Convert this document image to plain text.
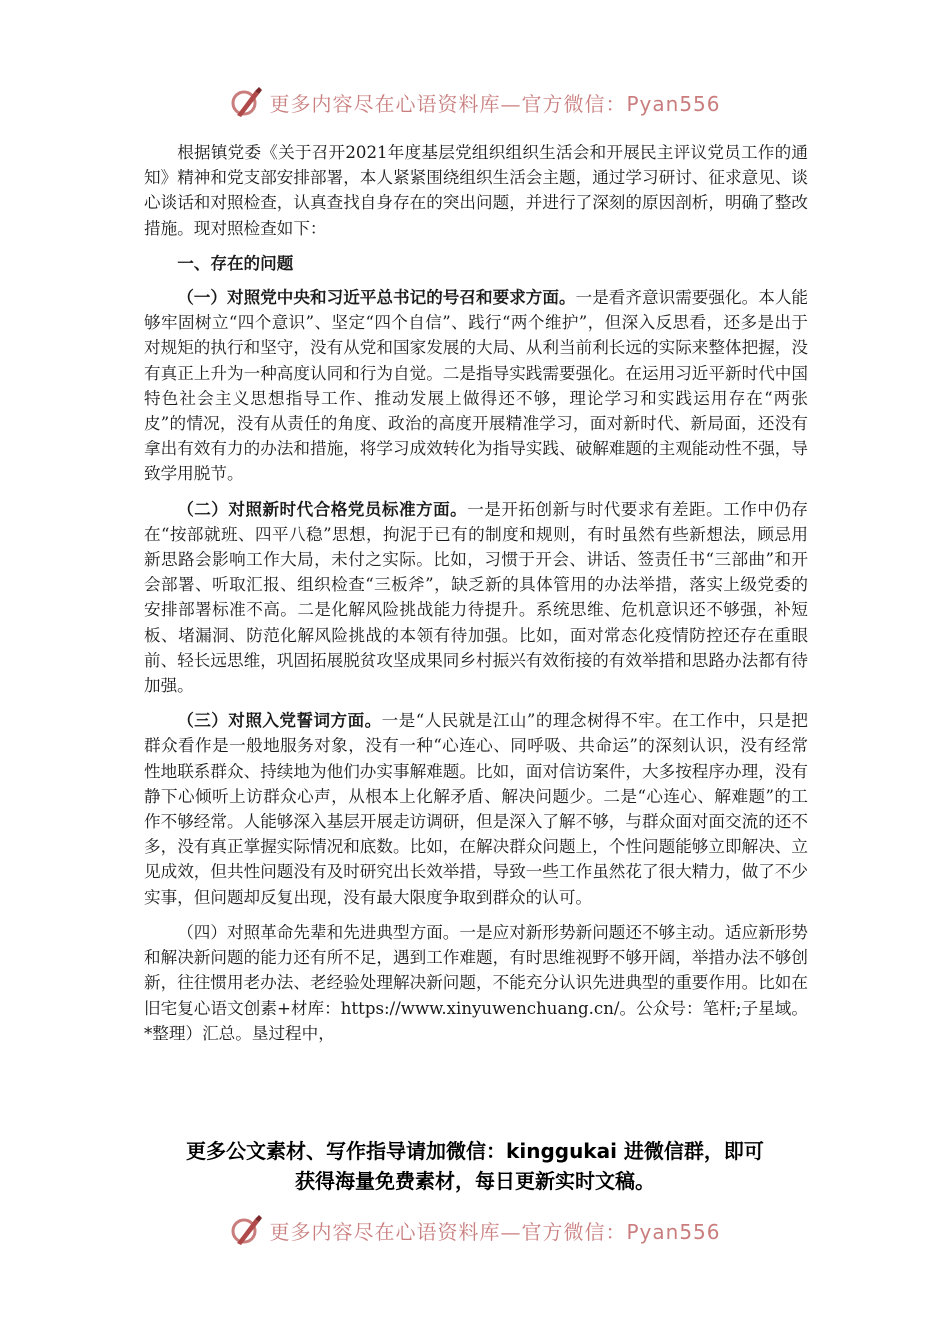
更多内容尽在心语资料库—官方微信：Pyan556

根据镇党委《关于召开2021年度基层党组织组织生活会和开展民主评议党员工作的通知》精神和党支部安排部署，本人紧紧围绕组织生活会主题，通过学习研讨、征求意见、谈心谈话和对照检查，认真查找自身存在的突出问题，并进行了深刻的原因剖析，明确了整改措施。现对照检查如下：

一、存在的问题

（一）对照党中央和习近平总书记的号召和要求方面。一是看齐意识需要强化。本人能够牢固树立“四个意识”、坚定“四个自信”、践行“两个维护”，但深入反思看，还多是出于对规矩的执行和坚守，没有从党和国家发展的大局、从利当前利长远的实际来整体把握，没有真正上升为一种高度认同和行为自觉。二是指导实践需要强化。在运用习近平新时代中国特色社会主义思想指导工作、推动发展上做得还不够，理论学习和实践运用存在“两张皮”的情况，没有从责任的角度、政治的高度开展精准学习，面对新时代、新局面，还没有拿出有效有力的办法和措施，将学习成效转化为指导实践、破解难题的主观能动性不强，导致学用脱节。

（二）对照新时代合格党员标准方面。一是开拓创新与时代要求有差距。工作中仍存在“按部就班、四平八稳”思想，拘泥于已有的制度和规则，有时虽然有些新想法，顾忌用新思路会影响工作大局，未付之实际。比如，习惯于开会、讲话、签责任书“三部曲”和开会部署、听取汇报、组织检查“三板斧”，缺乏新的具体管用的办法举措，落实上级党委的安排部署标准不高。二是化解风险挑战能力待提升。系统思维、危机意识还不够强，补短板、堵漏洞、防范化解风险挑战的本领有待加强。比如，面对常态化疫情防控还存在重眼前、轻长远思维，巩固拓展脱贫攻坚成果同乡村振兴有效衔接的有效举措和思路办法都有待加强。

（三）对照入党誓词方面。一是“人民就是江山”的理念树得不牢。在工作中，只是把群众看作是一般地服务对象，没有一种“心连心、同呼吸、共命运”的深刻认识，没有经常性地联系群众、持续地为他们办实事解难题。比如，面对信访案件，大多按程序办理，没有静下心倾听上访群众心声，从根本上化解矛盾、解决问题少。二是“心连心、解难题”的工作不够经常。人能够深入基层开展走访调研，但是深入了解不够，与群众面对面交流的还不多，没有真正掌握实际情况和底数。比如，在解决群众问题上，个性问题能够立即解决、立见成效，但共性问题没有及时研究出长效举措，导致一些工作虽然花了很大精力，做了不少实事，但问题却反复出现，没有最大限度争取到群众的认可。

（四）对照革命先辈和先进典型方面。一是应对新形势新问题还不够主动。适应新形势和解决新问题的能力还有所不足，遇到工作难题，有时思维视野不够开阔，举措办法不够创新，往往惯用老办法、老经验处理解决新问题，不能充分认识先进典型的重要作用。比如在旧宅复心语文创素+材库：https://www.xinyuwenchuang.cn/。公众号：笔杆;子星域。*整理）汇总。垦过程中，

更多公文素材、写作指导请加微信：kinggukai 进微信群，即可
获得海量免费素材，每日更新实时文稿。
更多内容尽在心语资料库—官方微信：Pyan556
